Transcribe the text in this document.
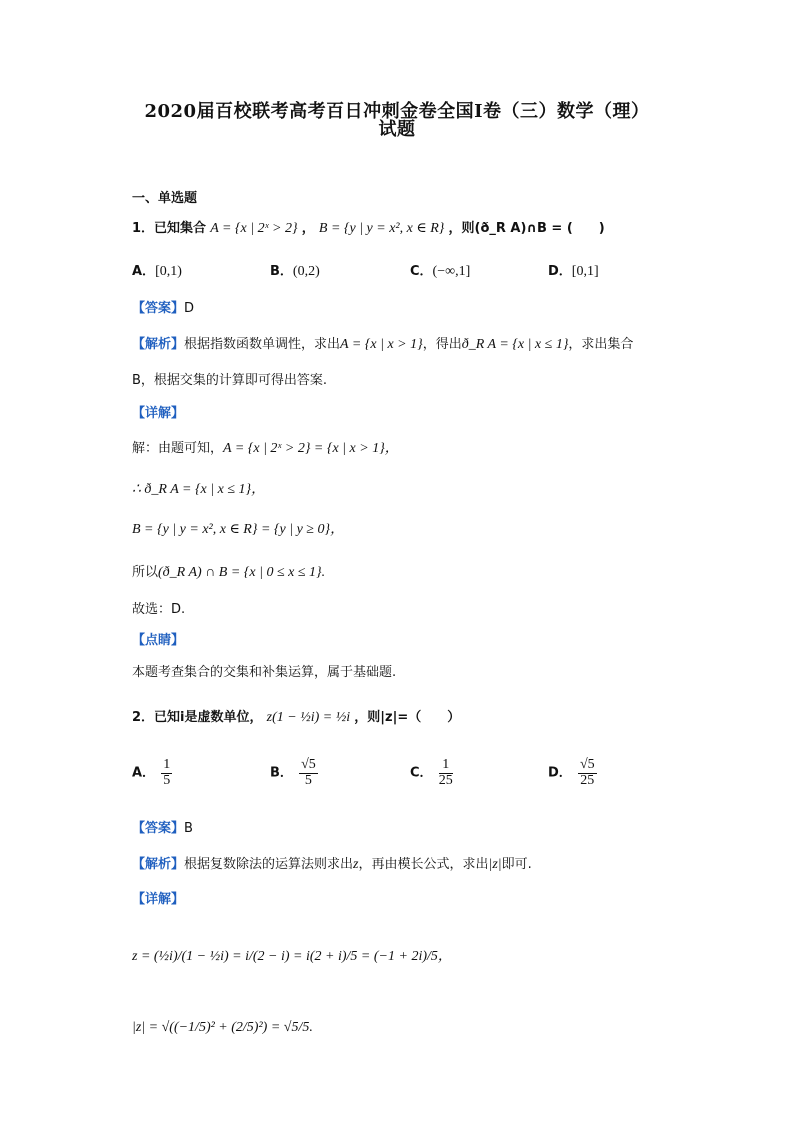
2020届百校联考高考百日冲刺金卷全国Ⅰ卷（三）数学（理）
试题
一、单选题
1．已知集合 A = {x | 2ˣ > 2} ， B = {y | y = x², x ∈ R} ，则(ð_R A)∩B = (　　)
A．[0,1)	B．(0,2)	C．(−∞,1]	D．[0,1]
【答案】D
【解析】根据指数函数单调性，求出A = {x | x > 1}，得出ð_R A = {x | x ≤ 1}，求出集合
B，根据交集的计算即可得出答案.
【详解】
解：由题可知，A = {x | 2ˣ > 2} = {x | x > 1}，
∴ ð_R A = {x | x ≤ 1}，
B = {y | y = x², x ∈ R} = {y | y ≥ 0}，
所以(ð_R A) ∩ B = {x | 0 ≤ x ≤ 1}.
故选：D.
【点睛】
本题考查集合的交集和补集运算，属于基础题.
2．已知i是虚数单位， z(1 − ½i) = ½i ，则|z|=（　　）
A． $\frac{1}{5}$	B． $\frac{√5}{5}$	C． $\frac{1}{25}$	D． $\frac{√5}{25}$
【答案】B
【解析】根据复数除法的运算法则求出z，再由模长公式，求出|z|即可.
【详解】
z = (½i)/(1 − ½i) = i/(2 − i) = i(2 + i)/5 = (−1 + 2i)/5，
|z| = √((−1/5)² + (2/5)²) = √5/5.
